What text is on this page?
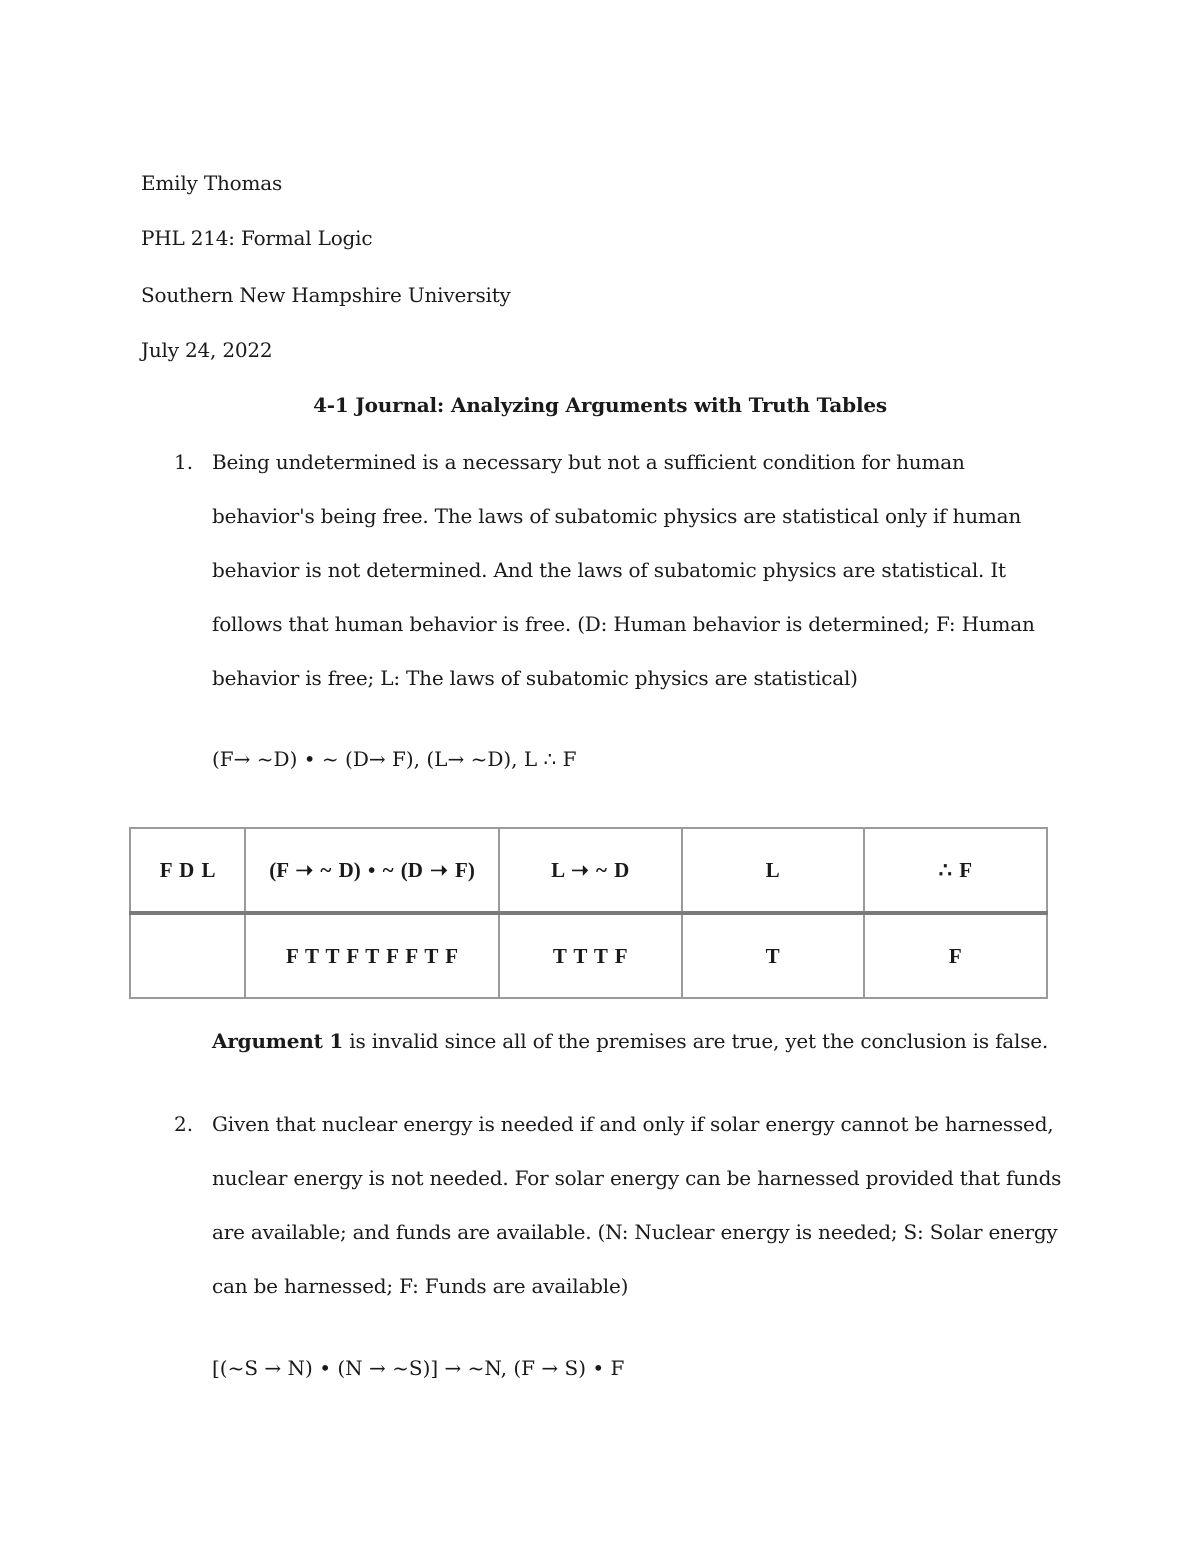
Emily Thomas
PHL 214: Formal Logic
Southern New Hampshire University
July 24, 2022
4-1 Journal: Analyzing Arguments with Truth Tables
1. Being undetermined is a necessary but not a sufficient condition for human behavior's being free. The laws of subatomic physics are statistical only if human behavior is not determined. And the laws of subatomic physics are statistical. It follows that human behavior is free. (D: Human behavior is determined; F: Human behavior is free; L: The laws of subatomic physics are statistical)
(F→ ~D) • ~ (D→ F), (L→ ~D), L ∴ F
F D L	(F ➝ ~ D) • ~ (D ➝ F)	L ➝ ~ D	L	∴ F
	F T T F T F F T F	T T T F	T	F
Argument 1 is invalid since all of the premises are true, yet the conclusion is false.
2. Given that nuclear energy is needed if and only if solar energy cannot be harnessed, nuclear energy is not needed. For solar energy can be harnessed provided that funds are available; and funds are available. (N: Nuclear energy is needed; S: Solar energy can be harnessed; F: Funds are available)
[(~S → N) • (N → ~S)] → ~N, (F → S) • F
